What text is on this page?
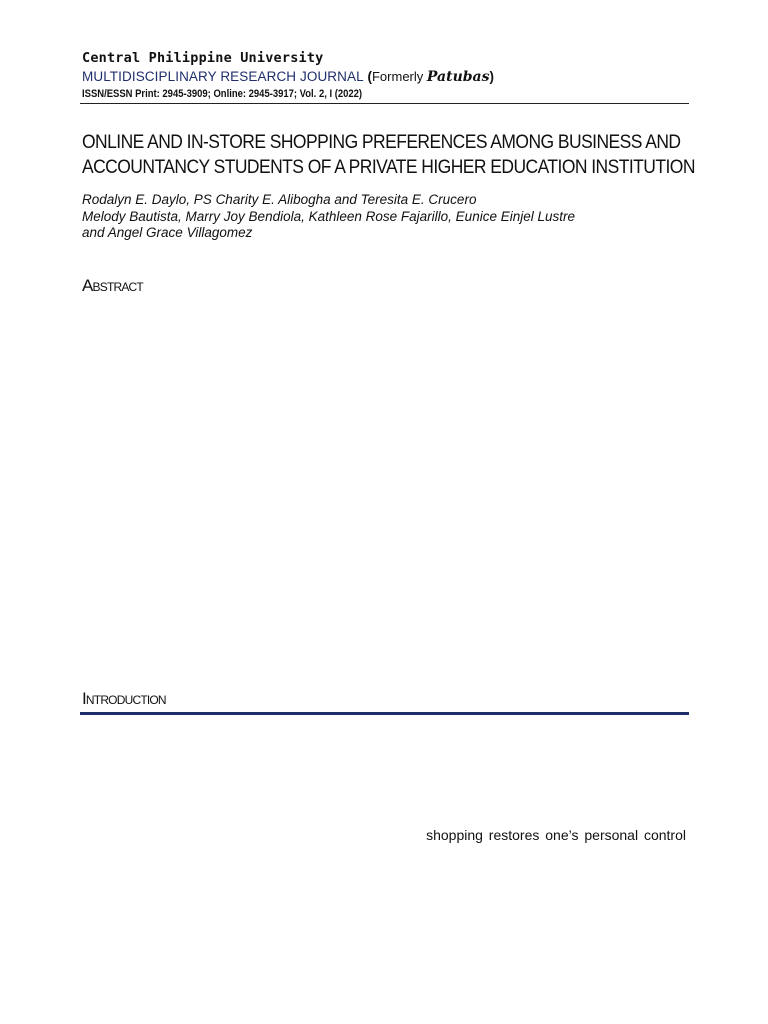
Central Philippine University
MULTIDISCIPLINARY RESEARCH JOURNAL (Formerly Patubas)
ISSN/ESSN Print: 2945-3909; Online: 2945-3917; Vol. 2, I (2022)
ONLINE AND IN-STORE SHOPPING PREFERENCES AMONG BUSINESS AND
ACCOUNTANCY STUDENTS OF A PRIVATE HIGHER EDUCATION INSTITUTION
Rodalyn E. Daylo, PS Charity E. Alibogha and Teresita E. Crucero
Melody Bautista, Marry Joy Bendiola, Kathleen Rose Fajarillo, Eunice Einjel Lustre
and Angel Grace Villagomez
Abstract
Introduction
shopping restores one’s personal control
